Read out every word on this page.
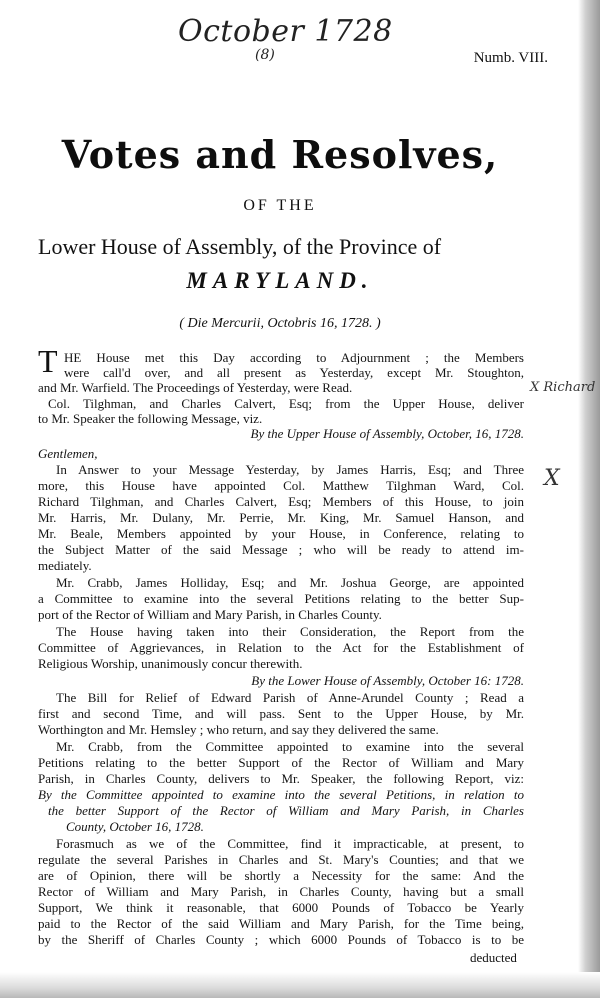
October 1728
(8)	Numb. VIII.
Votes and Resolves,
OF THE
Lower House of Assembly, of the Province of
MARYLAND.
( Die Mercurii, Octobris 16, 1728. )
X Richard
X
T HE House met this Day according to Adjournment ; the Members
were call'd over, and all present as Yesterday, except Mr. Stoughton,
and Mr. Warfield. The Proceedings of Yesterday, were Read.
Col. Tilghman, and Charles Calvert, Esq; from the Upper House, deliver
to Mr. Speaker the following Message, viz.
By the Upper House of Assembly, October, 16, 1728.
Gentlemen,
In Answer to your Message Yesterday, by James Harris, Esq; and Three
more, this House have appointed Col. Matthew Tilghman Ward, Col.
Richard Tilghman, and Charles Calvert, Esq; Members of this House, to join
Mr. Harris, Mr. Dulany, Mr. Perrie, Mr. King, Mr. Samuel Hanson, and
Mr. Beale, Members appointed by your House, in Conference, relating to
the Subject Matter of the said Message ; who will be ready to attend im-
mediately.
Mr. Crabb, James Holliday, Esq; and Mr. Joshua George, are appointed
a Committee to examine into the several Petitions relating to the better Sup-
port of the Rector of William and Mary Parish, in Charles County.
The House having taken into their Consideration, the Report from the
Committee of Aggrievances, in Relation to the Act for the Establishment of
Religious Worship, unanimously concur therewith.
By the Lower House of Assembly, October 16: 1728.
The Bill for Relief of Edward Parish of Anne-Arundel County ; Read a
first and second Time, and will pass. Sent to the Upper House, by Mr.
Worthington and Mr. Hemsley ; who return, and say they delivered the same.
Mr. Crabb, from the Committee appointed to examine into the several
Petitions relating to the better Support of the Rector of William and Mary
Parish, in Charles County, delivers to Mr. Speaker, the following Report, viz:
By the Committee appointed to examine into the several Petitions, in relation to
the better Support of the Rector of William and Mary Parish, in Charles
County, October 16, 1728.
Forasmuch as we of the Committee, find it impracticable, at present, to
regulate the several Parishes in Charles and St. Mary's Counties; and that we
are of Opinion, there will be shortly a Necessity for the same: And the
Rector of William and Mary Parish, in Charles County, having but a small
Support, We think it reasonable, that 6000 Pounds of Tobacco be Yearly
paid to the Rector of the said William and Mary Parish, for the Time being,
by the Sheriff of Charles County ; which 6000 Pounds of Tobacco is to be
deducted
